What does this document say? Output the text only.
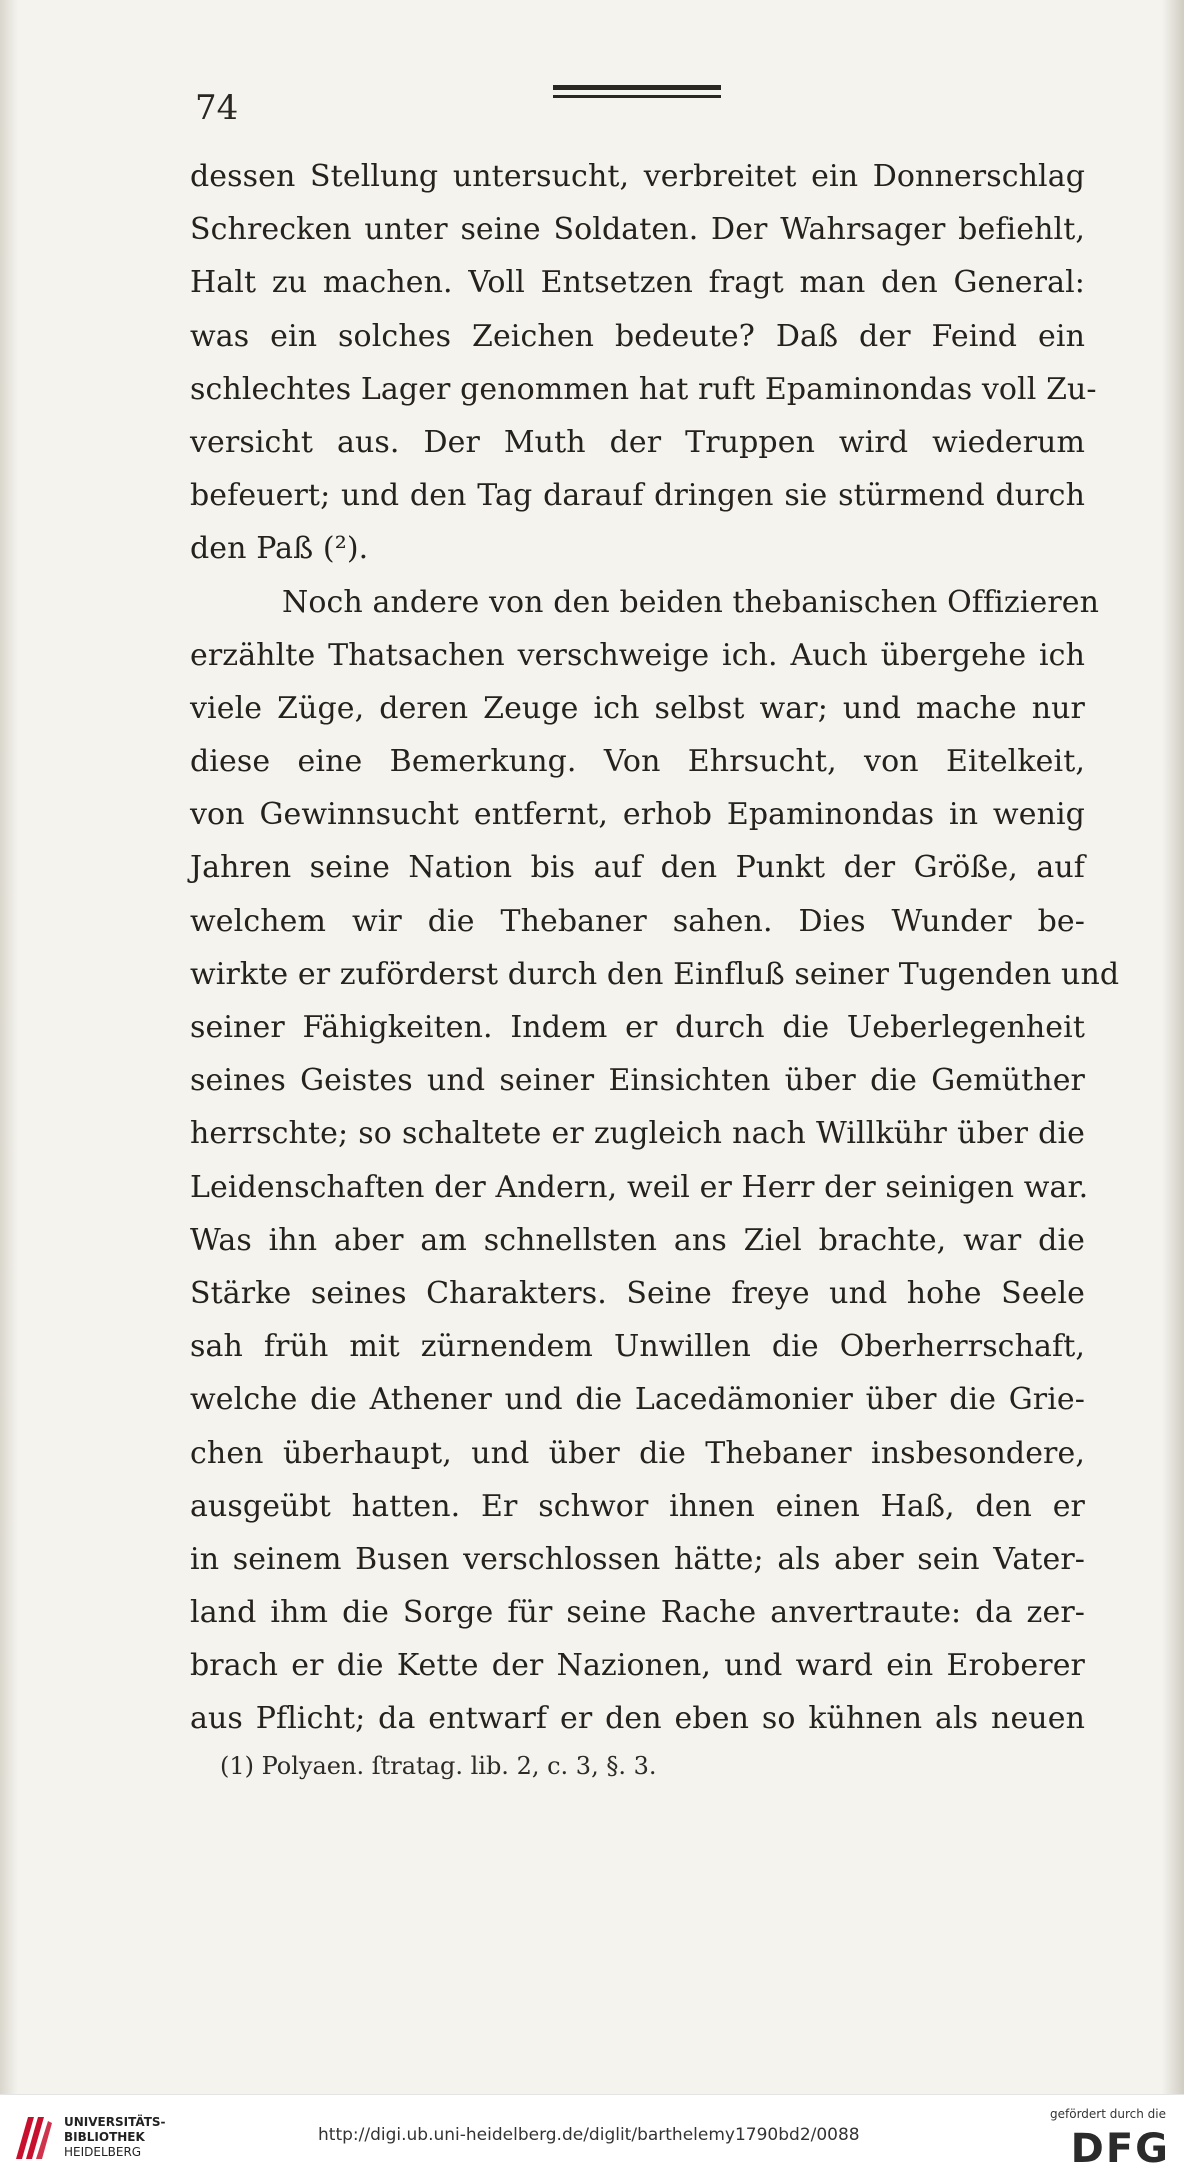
74
dessen Stellung untersucht, verbreitet ein Donnerschlag
Schrecken unter seine Soldaten. Der Wahrsager befiehlt,
Halt zu machen. Voll Entsetzen fragt man den General:
was ein solches Zeichen bedeute? Daß der Feind ein
schlechtes Lager genommen hat ruft Epaminondas voll Zu-
versicht aus. Der Muth der Truppen wird wiederum
befeuert; und den Tag darauf dringen sie stürmend durch
den Paß (²).
Noch andere von den beiden thebanischen Offizieren
erzählte Thatsachen verschweige ich. Auch übergehe ich
viele Züge, deren Zeuge ich selbst war; und mache nur
diese eine Bemerkung. Von Ehrsucht, von Eitelkeit,
von Gewinnsucht entfernt, erhob Epaminondas in wenig
Jahren seine Nation bis auf den Punkt der Größe, auf
welchem wir die Thebaner sahen. Dies Wunder be-
wirkte er zuförderst durch den Einfluß seiner Tugenden und
seiner Fähigkeiten. Indem er durch die Ueberlegenheit
seines Geistes und seiner Einsichten über die Gemüther
herrschte; so schaltete er zugleich nach Willkühr über die
Leidenschaften der Andern, weil er Herr der seinigen war.
Was ihn aber am schnellsten ans Ziel brachte, war die
Stärke seines Charakters. Seine freye und hohe Seele
sah früh mit zürnendem Unwillen die Oberherrschaft,
welche die Athener und die Lacedämonier über die Grie-
chen überhaupt, und über die Thebaner insbesondere,
ausgeübt hatten. Er schwor ihnen einen Haß, den er
in seinem Busen verschlossen hätte; als aber sein Vater-
land ihm die Sorge für seine Rache anvertraute: da zer-
brach er die Kette der Nazionen, und ward ein Eroberer
aus Pflicht; da entwarf er den eben so kühnen als neuen
(1) Polyaen. ſtratag. lib. 2, c. 3, §. 3.
UNIVERSITÄTS-
BIBLIOTHEK
HEIDELBERG
http://digi.ub.uni-heidelberg.de/diglit/barthelemy1790bd2/0088
gefördert durch die
DFG
